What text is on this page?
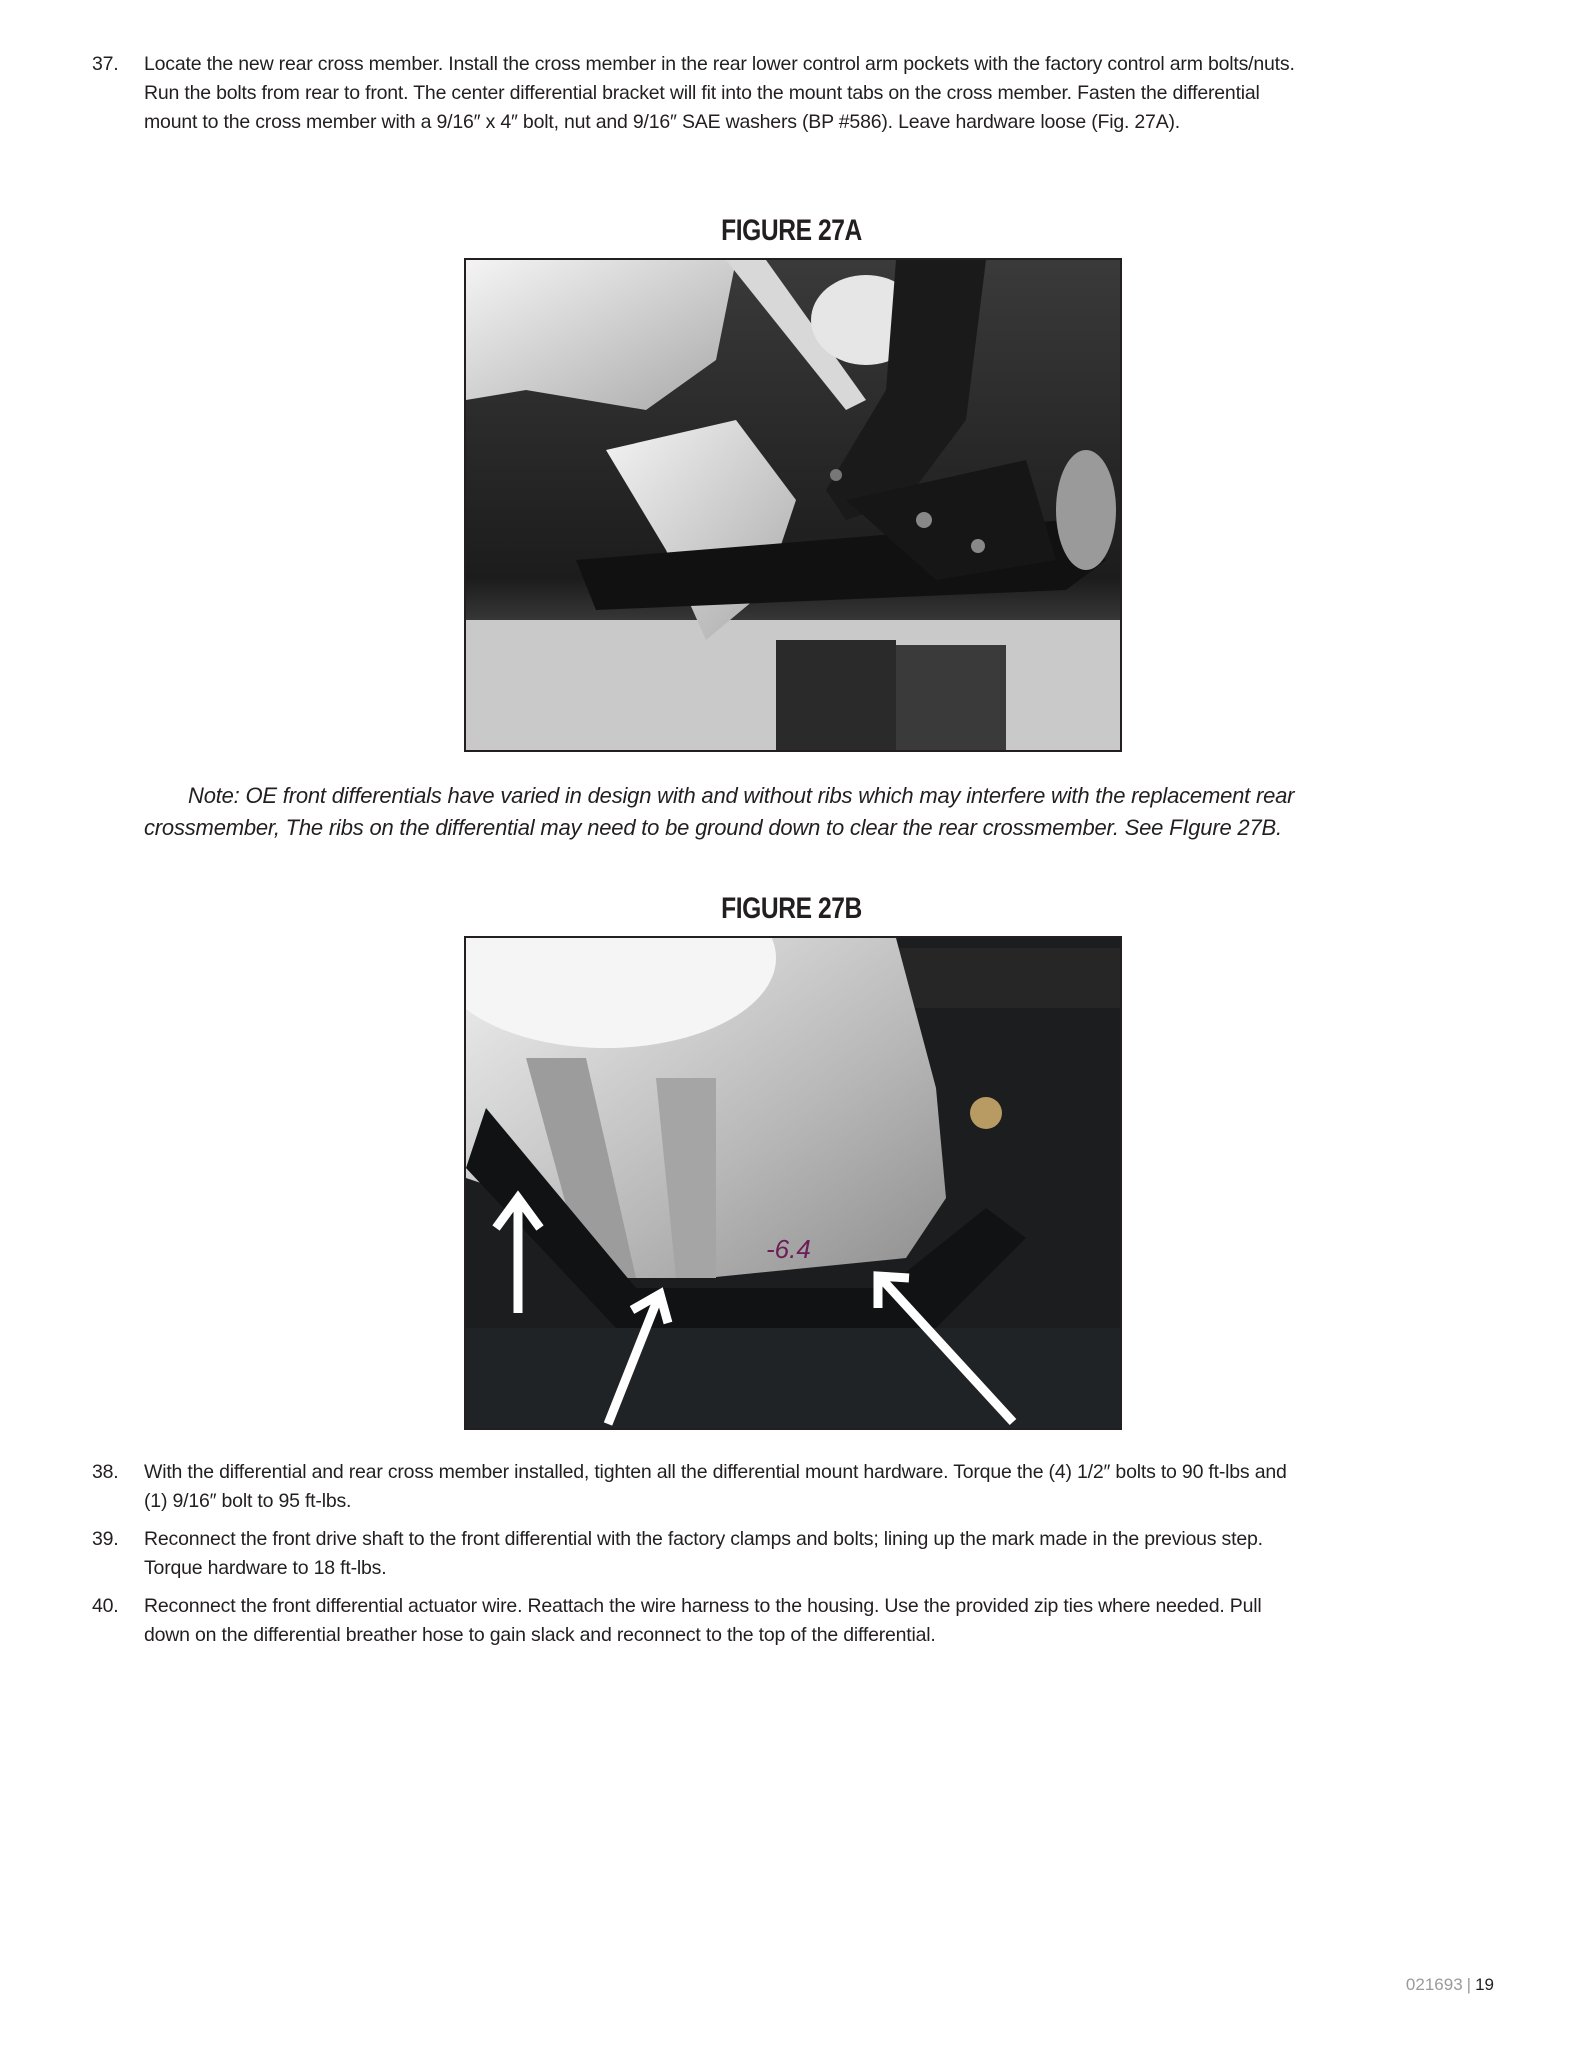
37.	Locate the new rear cross member. Install the cross member in the rear lower control arm pockets with the factory control arm bolts/nuts.
Run the bolts from rear to front. The center differential bracket will fit into the mount tabs on the cross member. Fasten the differential
mount to the cross member with a 9/16″ x 4″ bolt, nut and 9/16″ SAE washers (BP #586). Leave hardware loose (Fig. 27A).
FIGURE 27A
Note: OE front differentials have varied in design with and without ribs which may interfere with the replacement rear
crossmember, The ribs on the differential may need to be ground down to clear the rear crossmember. See FIgure 27B.
FIGURE 27B
-6.4
38.	With the differential and rear cross member installed, tighten all the differential mount hardware. Torque the (4) 1/2″ bolts to 90 ft-lbs and
(1) 9/16″ bolt to 95 ft-lbs.
39.	Reconnect the front drive shaft to the front differential with the factory clamps and bolts; lining up the mark made in the previous step.
Torque hardware to 18 ft-lbs.
40.	Reconnect the front differential actuator wire. Reattach the wire harness to the housing. Use the provided zip ties where needed. Pull
down on the differential breather hose to gain slack and reconnect to the top of the differential.
021693 | 19
